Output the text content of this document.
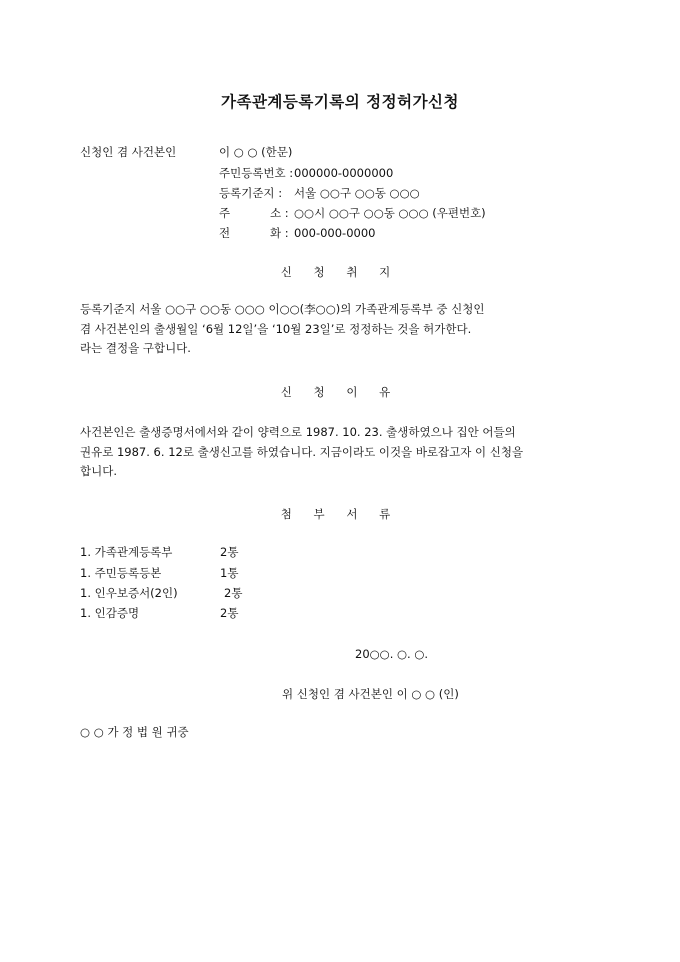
가족관계등록기록의 정정허가신청
신청인 겸 사건본인	이 ○ ○ (한문)
주민등록번호 : 000000-0000000
등록기준지 : 서울 ○○구 ○○동 ○○○
주	소 : ○○시 ○○구 ○○동 ○○○ (우편번호)
전	화 : 000-000-0000
신 청 취 지
등록기준지 서울 ○○구 ○○동 ○○○ 이○○(李○○)의 가족관계등록부 중 신청인
겸 사건본인의 출생월일 ‘6월 12일’을 ‘10월 23일’로 정정하는 것을 허가한다.
라는 결정을 구합니다.
신 청 이 유
사건본인은 출생증명서에서와 같이 양력으로 1987. 10. 23. 출생하였으나 집안 어들의
권유로 1987. 6. 12로 출생신고를 하였습니다. 지금이라도 이것을 바로잡고자 이 신청을
합니다.
첨 부 서 류
1. 가족관계등록부	2통
1. 주민등록등본	1통
1. 인우보증서(2인)	2통
1. 인감증명	2통
20○○. ○. ○.
위 신청인 겸 사건본인 이 ○ ○ (인)
○ ○ 가 정 법 원 귀중
